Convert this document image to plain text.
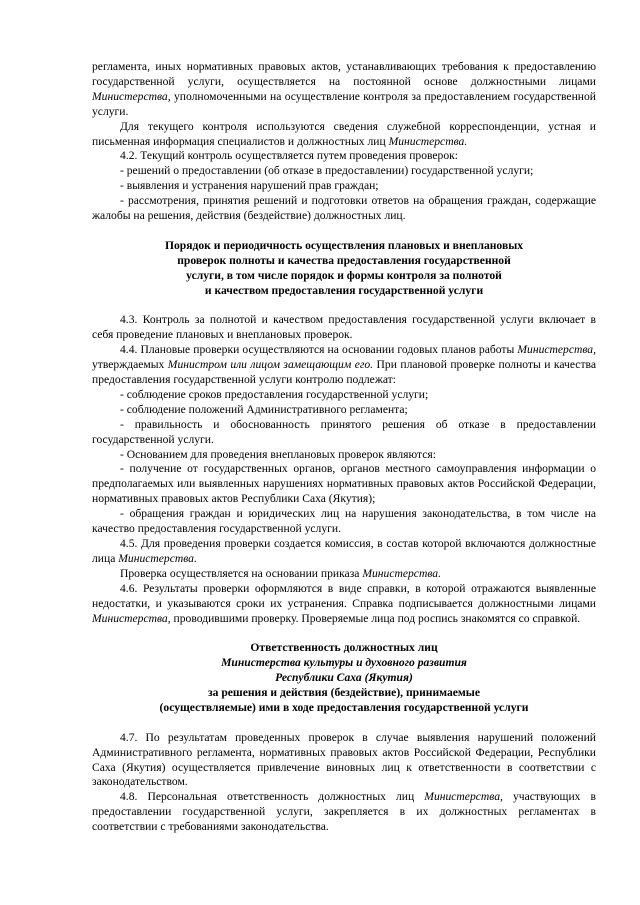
регламента, иных нормативных правовых актов, устанавливающих требования к предоставлению государственной услуги, осуществляется на постоянной основе должностными лицами Министерства, уполномоченными на осуществление контроля за предоставлением государственной услуги.

Для текущего контроля используются сведения служебной корреспонденции, устная и письменная информация специалистов и должностных лиц Министерства.

4.2. Текущий контроль осуществляется путем проведения проверок:

- решений о предоставлении (об отказе в предоставлении) государственной услуги;

- выявления и устранения нарушений прав граждан;

- рассмотрения, принятия решений и подготовки ответов на обращения граждан, содержащие жалобы на решения, действия (бездействие) должностных лиц.

Порядок и периодичность осуществления плановых и внеплановых
проверок полноты и качества предоставления государственной
услуги, в том числе порядок и формы контроля за полнотой
и качеством предоставления государственной услуги

4.3. Контроль за полнотой и качеством предоставления государственной услуги включает в себя проведение плановых и внеплановых проверок.

4.4. Плановые проверки осуществляются на основании годовых планов работы Министерства, утверждаемых Министром или лицом замещающим его. При плановой проверке полноты и качества предоставления государственной услуги контролю подлежат:

- соблюдение сроков предоставления государственной услуги;

- соблюдение положений Административного регламента;

- правильность и обоснованность принятого решения об отказе в предоставлении государственной услуги.

- Основанием для проведения внеплановых проверок являются:

- получение от государственных органов, органов местного самоуправления информации о предполагаемых или выявленных нарушениях нормативных правовых актов Российской Федерации, нормативных правовых актов Республики Саха (Якутия);

- обращения граждан и юридических лиц на нарушения законодательства, в том числе на качество предоставления государственной услуги.

4.5. Для проведения проверки создается комиссия, в состав которой включаются должностные лица Министерства.

Проверка осуществляется на основании приказа Министерства.

4.6. Результаты проверки оформляются в виде справки, в которой отражаются выявленные недостатки, и указываются сроки их устранения. Справка подписывается должностными лицами Министерства, проводившими проверку. Проверяемые лица под роспись знакомятся со справкой.

Ответственность должностных лиц
Министерства культуры и духовного развития
Республики Саха (Якутия)
за решения и действия (бездействие), принимаемые
(осуществляемые) ими в ходе предоставления государственной услуги

4.7. По результатам проведенных проверок в случае выявления нарушений положений Административного регламента, нормативных правовых актов Российской Федерации, Республики Саха (Якутия) осуществляется привлечение виновных лиц к ответственности в соответствии с законодательством.

4.8. Персональная ответственность должностных лиц Министерства, участвующих в предоставлении государственной услуги, закрепляется в их должностных регламентах в соответствии с требованиями законодательства.
